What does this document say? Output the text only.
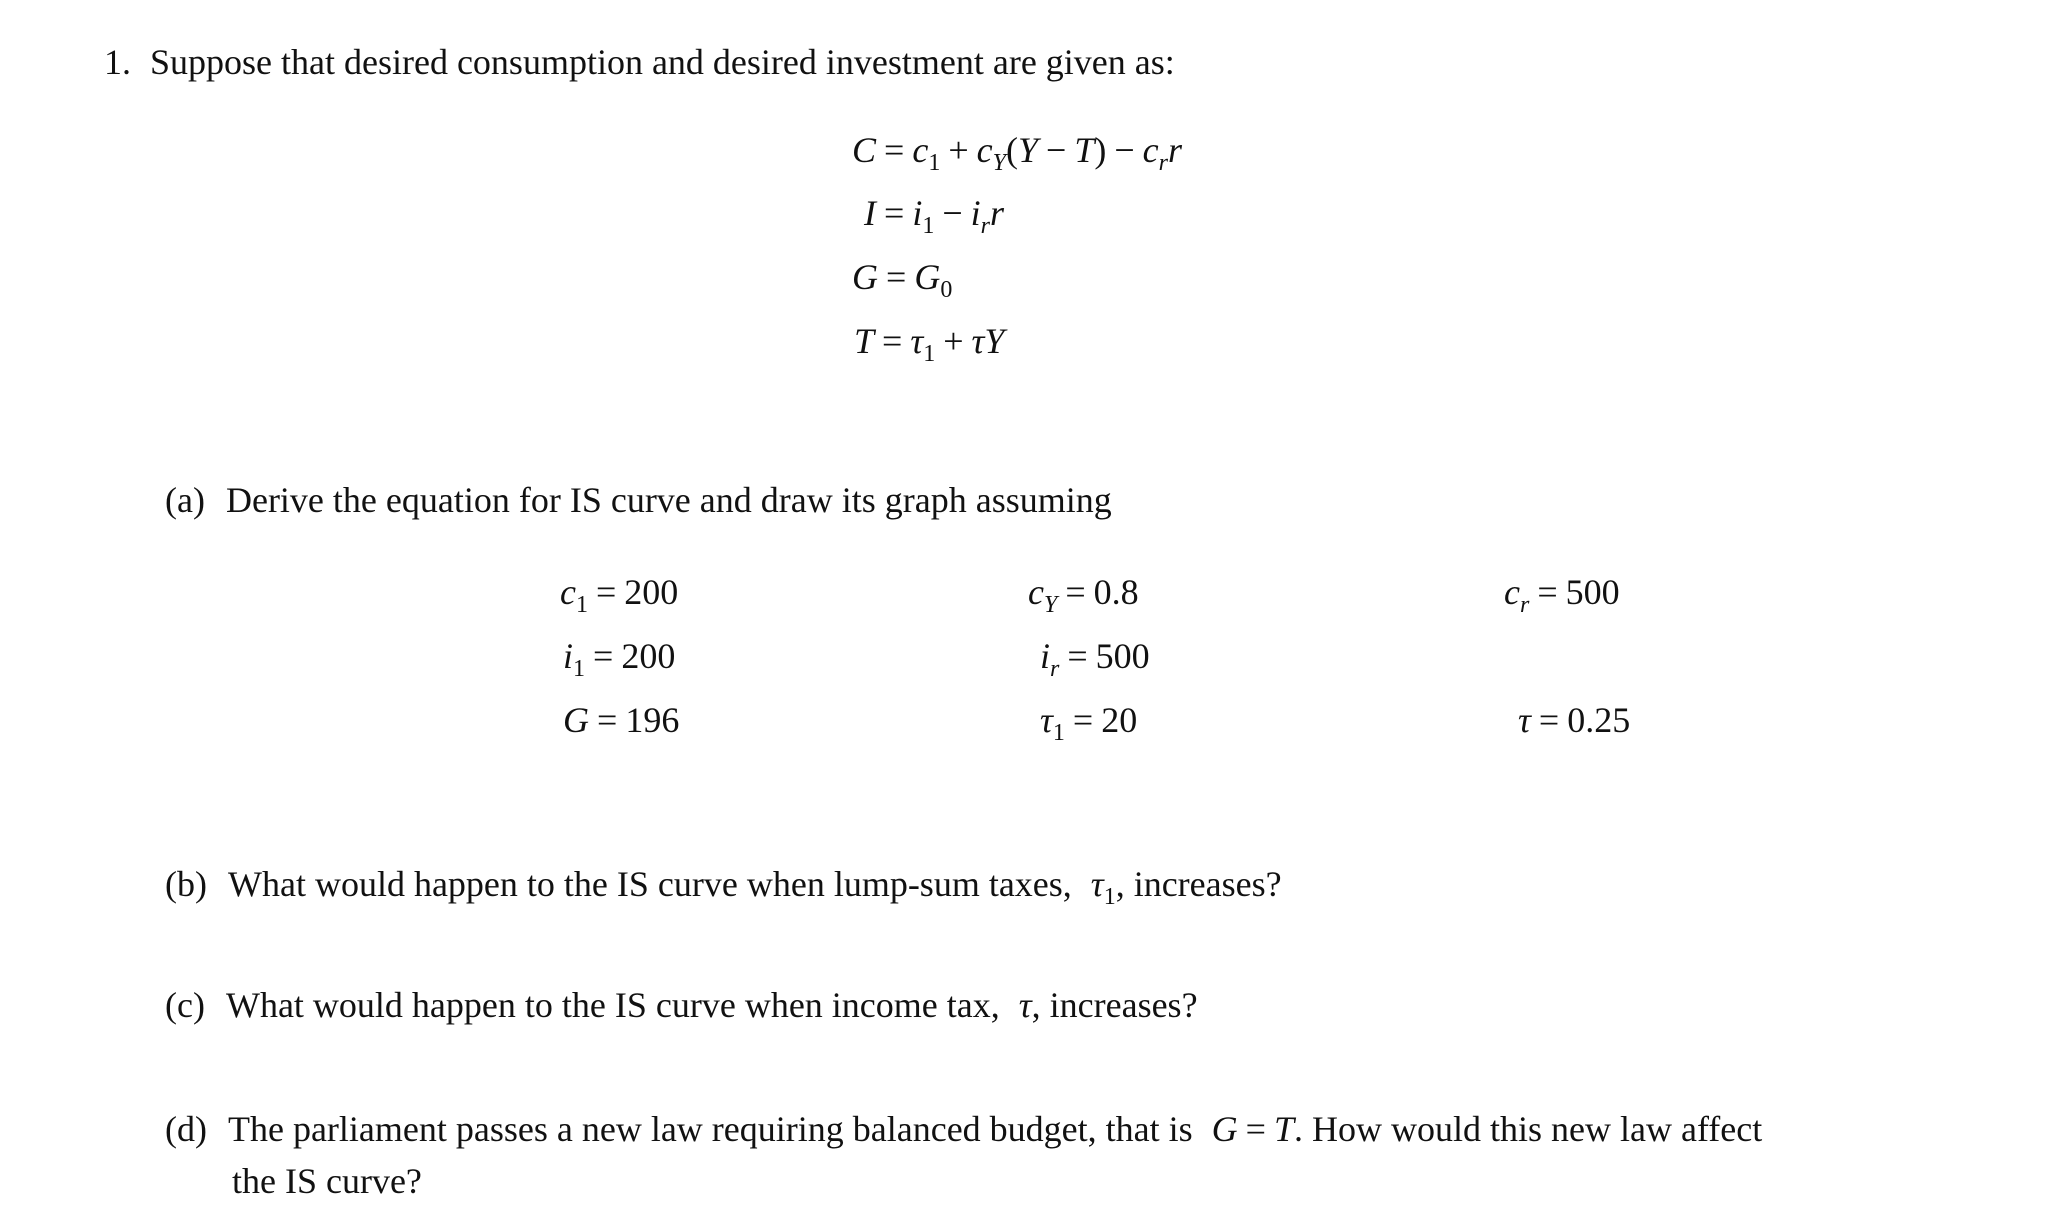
1. Suppose that desired consumption and desired investment are given as:
$C = c_1 + c_Y(Y - T) - c_rr$
$I = i_1 - i_rr$
$G = G_0$
$T = \tau_1 + \tau Y$
(a) Derive the equation for IS curve and draw its graph assuming
$c_1 = 200$	$c_Y = 0.8$	$c_r = 500$
$i_1 = 200$	$i_r = 500$
G = 196	$\tau_1 = 20$	τ = 0.25
(b) What would happen to the IS curve when lump-sum taxes, $\tau_1$, increases?
(c) What would happen to the IS curve when income tax, τ, increases?
(d) The parliament passes a new law requiring balanced budget, that is G = T. How would this new law affect
the IS curve?
